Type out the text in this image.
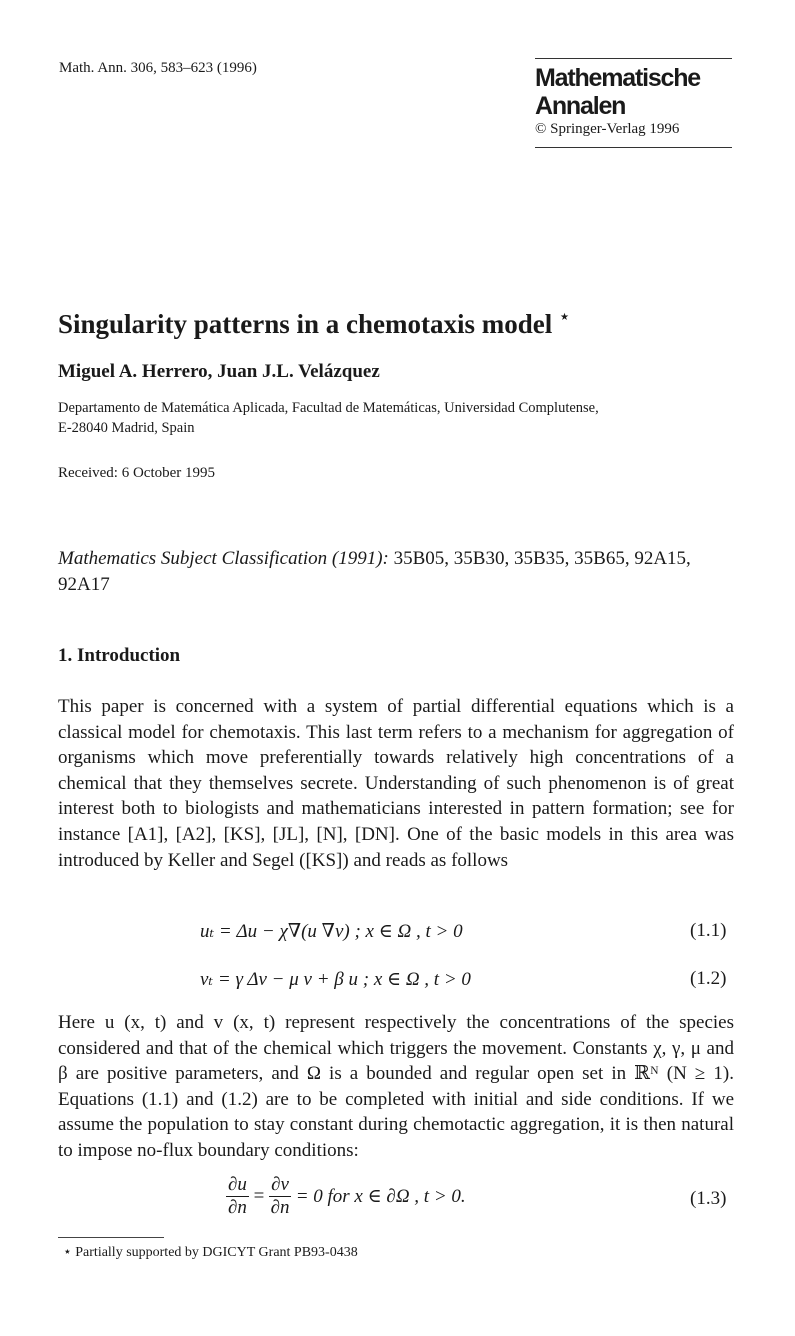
Math. Ann. 306, 583–623 (1996)	Mathematische
Annalen
© Springer-Verlag 1996
Singularity patterns in a chemotaxis model ⋆
Miguel A. Herrero, Juan J.L. Velázquez
Departamento de Matemática Aplicada, Facultad de Matemáticas, Universidad Complutense,
E-28040 Madrid, Spain
Received: 6 October 1995
Mathematics Subject Classification (1991): 35B05, 35B30, 35B35, 35B65, 92A15, 92A17
1. Introduction
This paper is concerned with a system of partial differential equations which is a classical model for chemotaxis. This last term refers to a mechanism for aggregation of organisms which move preferentially towards relatively high concentrations of a chemical that they themselves secrete. Understanding of such phenomenon is of great interest both to biologists and mathematicians interested in pattern formation; see for instance [A1], [A2], [KS], [JL], [N], [DN]. One of the basic models in this area was introduced by Keller and Segel ([KS]) and reads as follows
uₜ = Δu − χ∇(u ∇v) ; x ∈ Ω , t > 0	(1.1)
vₜ = γ Δv − μ v + β u ; x ∈ Ω , t > 0	(1.2)
Here u (x, t) and v (x, t) represent respectively the concentrations of the species considered and that of the chemical which triggers the movement. Constants χ, γ, μ and β are positive parameters, and Ω is a bounded and regular open set in ℝᴺ (N ≥ 1). Equations (1.1) and (1.2) are to be completed with initial and side conditions. If we assume the population to stay constant during chemotactic aggregation, it is then natural to impose no-flux boundary conditions:
$\frac{\partial u}{\partial n} = \frac{\partial v}{\partial n} = 0$ for x ∈ ∂Ω , t > 0.	(1.3)
⋆ Partially supported by DGICYT Grant PB93-0438
